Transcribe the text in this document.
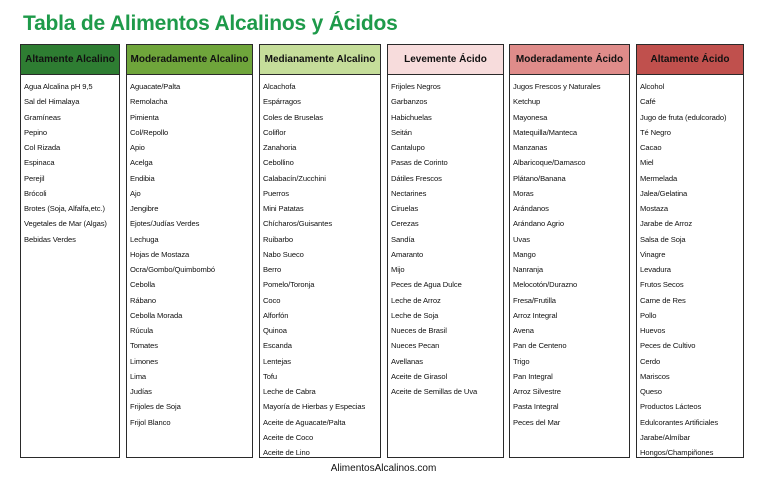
Tabla de Alimentos Alcalinos y Ácidos
Altamente Alcalino
Agua Alcalina pH 9,5
Sal del Himalaya
Gramíneas
Pepino
Col Rizada
Espinaca
Perejil
Brócoli
Brotes (Soja, Alfalfa,etc.)
Vegetales de Mar (Algas)
Bebidas Verdes
Moderadamente Alcalino
Aguacate/Palta
Remolacha
Pimienta
Col/Repollo
Apio
Acelga
Endibia
Ajo
Jengibre
Ejotes/Judías Verdes
Lechuga
Hojas de Mostaza
Ocra/Gombo/Quimbombó
Cebolla
Rábano
Cebolla Morada
Rúcula
Tomates
Limones
Lima
Judías
Frijoles de Soja
Frijol Blanco
Medianamente Alcalino
Alcachofa
Espárragos
Coles de Bruselas
Coliflor
Zanahoria
Cebollino
Calabacín/Zucchini
Puerros
Mini Patatas
Chícharos/Guisantes
Ruibarbo
Nabo Sueco
Berro
Pomelo/Toronja
Coco
Alforfón
Quinoa
Escanda
Lentejas
Tofu
Leche de Cabra
Mayoría de Hierbas y Especias
Aceite de Aguacate/Palta
Aceite de Coco
Aceite de Lino
Levemente Ácido
Frijoles Negros
Garbanzos
Habichuelas
Seitán
Cantalupo
Pasas de Corinto
Dátiles Frescos
Nectarines
Ciruelas
Cerezas
Sandía
Amaranto
Mijo
Peces de Agua Dulce
Leche de Arroz
Leche de Soja
Nueces de Brasil
Nueces Pecan
Avellanas
Aceite de Girasol
Aceite de Semillas de Uva
Moderadamente Ácido
Jugos Frescos y Naturales
Ketchup
Mayonesa
Matequilla/Manteca
Manzanas
Albaricoque/Damasco
Plátano/Banana
Moras
Arándanos
Arándano Agrio
Uvas
Mango
Nanranja
Melocotón/Durazno
Fresa/Frutilla
Arroz Integral
Avena
Pan de Centeno
Trigo
Pan Integral
Arroz Silvestre
Pasta Integral
Peces del Mar
Altamente Ácido
Alcohol
Café
Jugo de fruta (edulcorado)
Té Negro
Cacao
Miel
Mermelada
Jalea/Gelatina
Mostaza
Jarabe de Arroz
Salsa de Soja
Vinagre
Levadura
Frutos Secos
Carne de Res
Pollo
Huevos
Peces de Cultivo
Cerdo
Mariscos
Queso
Productos Lácteos
Edulcorantes Artificiales
Jarabe/Almíbar
Hongos/Champiñones
AlimentosAlcalinos.com
